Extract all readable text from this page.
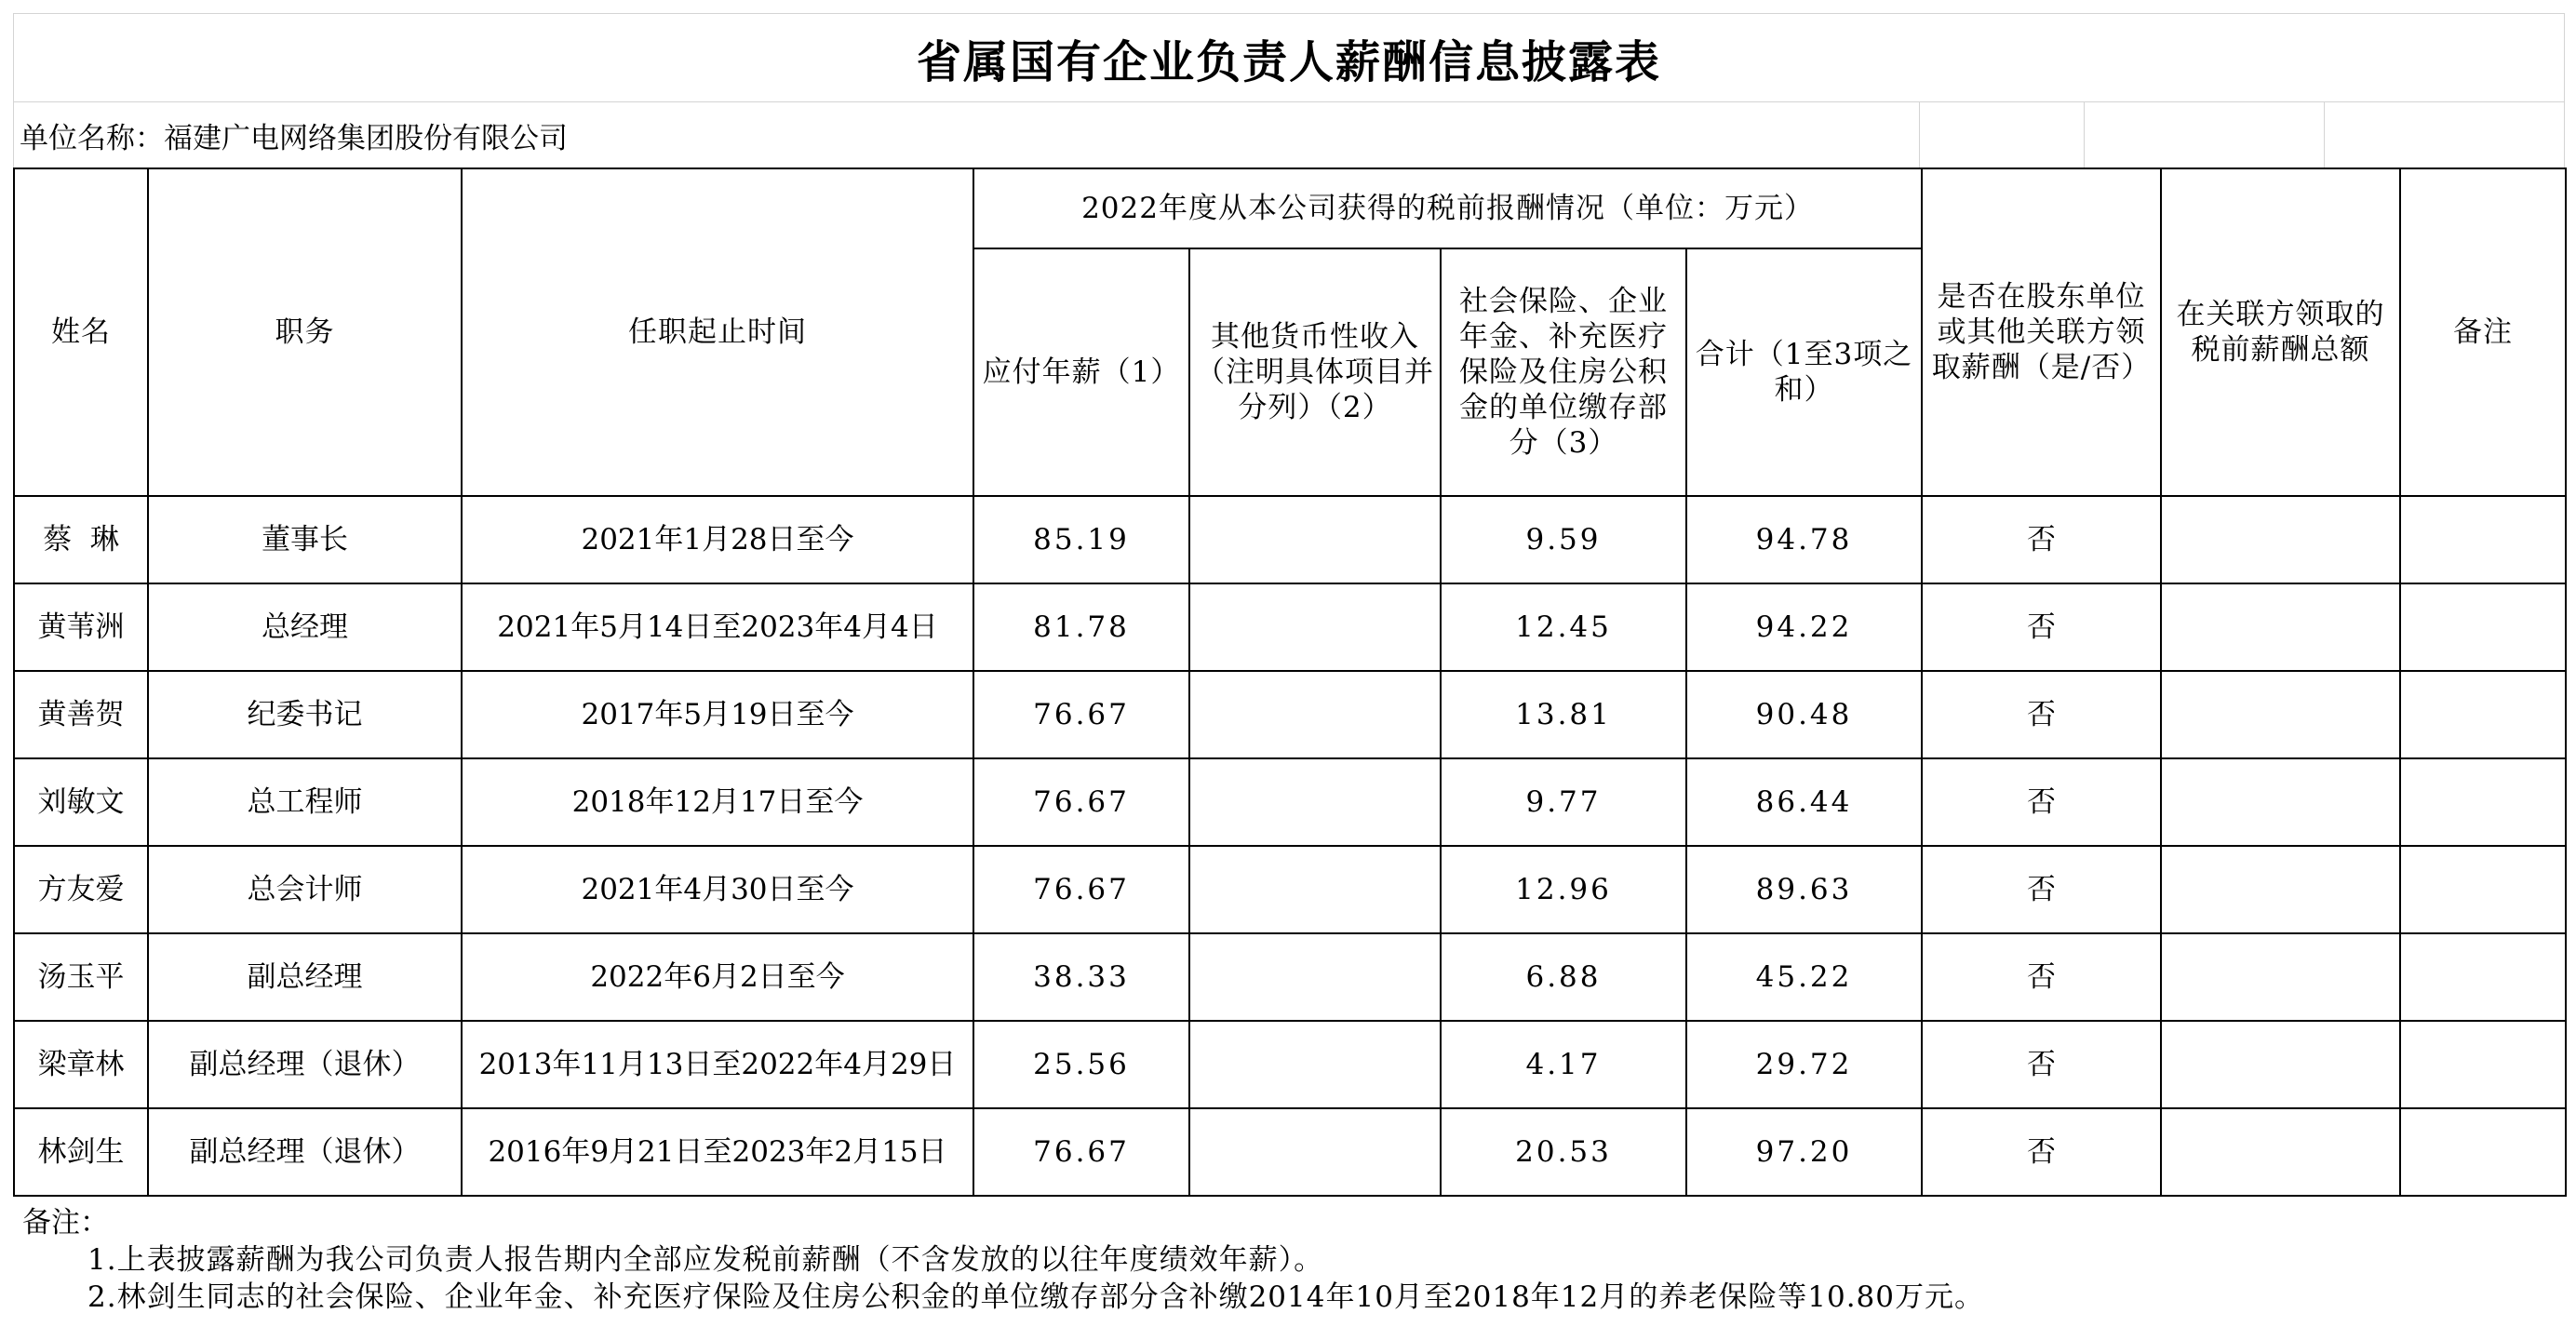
省属国有企业负责人薪酬信息披露表
单位名称：福建广电网络集团股份有限公司
姓名	职务	任职起止时间	2022年度从本公司获得的税前报酬情况（单位：万元）				是否在股东单位或其他关联方领取薪酬（是/否）	在关联方领取的税前薪酬总额	备注
			应付年薪（1）	其他货币性收入（注明具体项目并分列）（2）	社会保险、企业年金、补充医疗保险及住房公积金的单位缴存部分（3）	合计（1至3项之和）			
蔡  琳	董事长	2021年1月28日至今	85.19		9.59	94.78	否		
黄苇洲	总经理	2021年5月14日至2023年4月4日	81.78		12.45	94.22	否		
黄善贺	纪委书记	2017年5月19日至今	76.67		13.81	90.48	否		
刘敏文	总工程师	2018年12月17日至今	76.67		9.77	86.44	否		
方友爱	总会计师	2021年4月30日至今	76.67		12.96	89.63	否		
汤玉平	副总经理	2022年6月2日至今	38.33		6.88	45.22	否		
梁章林	副总经理（退休）	2013年11月13日至2022年4月29日	25.56		4.17	29.72	否		
林剑生	副总经理（退休）	2016年9月21日至2023年2月15日	76.67		20.53	97.20	否		
备注：
1.上表披露薪酬为我公司负责人报告期内全部应发税前薪酬（不含发放的以往年度绩效年薪）。
2.林剑生同志的社会保险、企业年金、补充医疗保险及住房公积金的单位缴存部分含补缴2014年10月至2018年12月的养老保险等10.80万元。
